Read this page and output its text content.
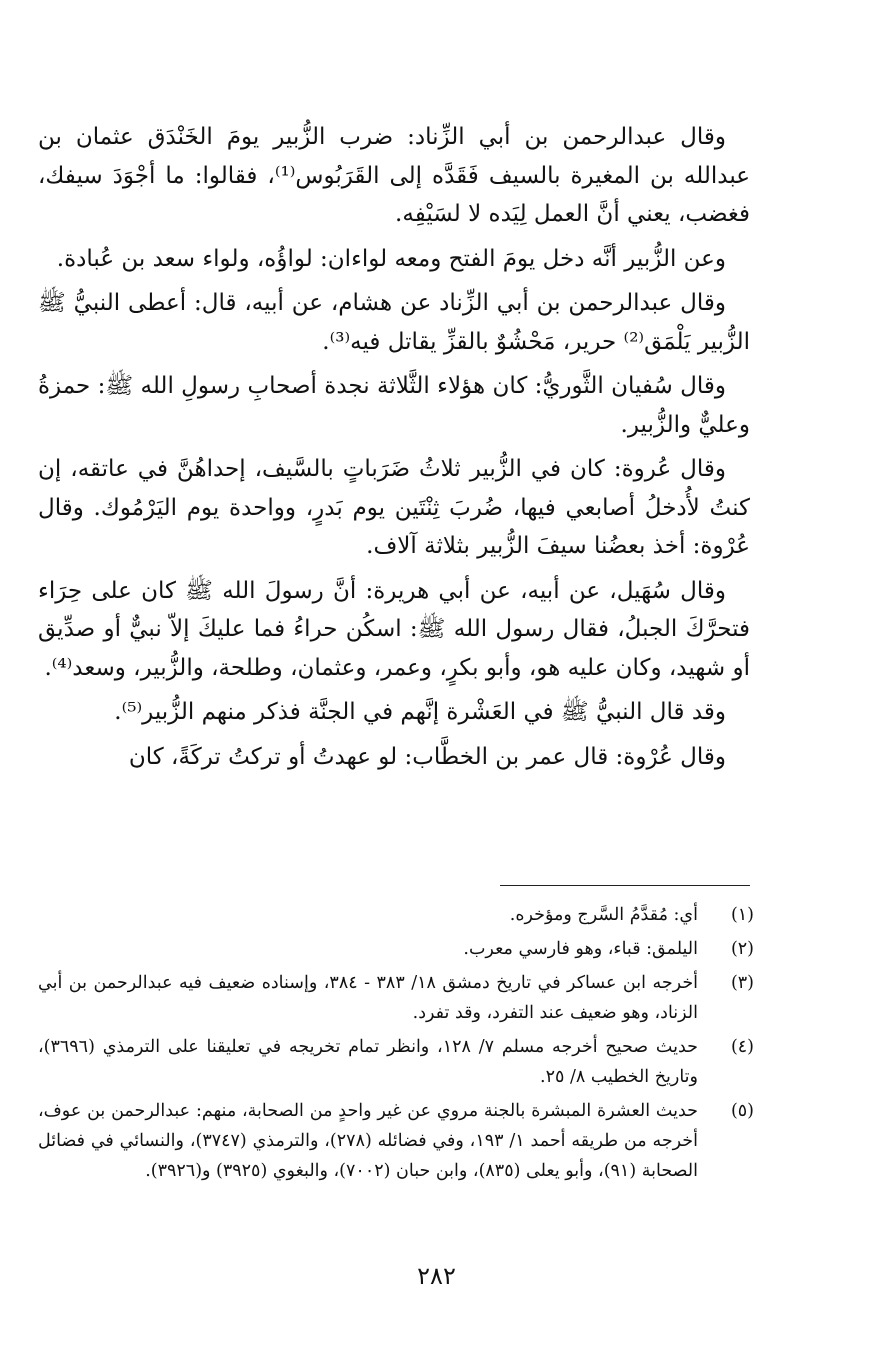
وقال عبدالرحمن بن أبي الزِّناد: ضرب الزُّبير يومَ الخَنْدَق عثمان بن عبدالله بن المغيرة بالسيف فَقَدَّه إلى القَرَبُوس⁽¹⁾، فقالوا: ما أجْوَدَ سيفك، فغضب، يعني أنَّ العمل لِيَده لا لسَيْفِه.

وعن الزُّبير أنَّه دخل يومَ الفتح ومعه لواءان: لواؤُه، ولواء سعد بن عُبادة.

وقال عبدالرحمن بن أبي الزِّناد عن هشام، عن أبيه، قال: أعطى النبيُّ ﷺ الزُّبير يَلْمَق⁽²⁾ حرير، مَحْشُوٌ بالقزِّ يقاتل فيه⁽³⁾.

وقال سُفيان الثَّوريُّ: كان هؤلاء الثَّلاثة نجدة أصحابِ رسولِ الله ﷺ: حمزةُ وعليٌّ والزُّبير.

وقال عُروة: كان في الزُّبير ثلاثُ ضَرَباتٍ بالسَّيف، إحداهُنَّ في عاتقه، إن كنتُ لأُدخلُ أصابعي فيها، ضُربَ ثِنْتَين يوم بَدرٍ، وواحدة يوم اليَرْمُوك. وقال عُرْوة: أخذ بعضُنا سيفَ الزُّبير بثلاثة آلاف.

وقال سُهَيل، عن أبيه، عن أبي هريرة: أنَّ رسولَ الله ﷺ كان على حِرَاء فتحرَّكَ الجبلُ، فقال رسول الله ﷺ: اسكُن حراءُ فما عليكَ إلاّ نبيٌّ أو صدِّيق أو شهيد، وكان عليه هو، وأبو بكرٍ، وعمر، وعثمان، وطلحة، والزُّبير، وسعد⁽⁴⁾.

وقد قال النبيُّ ﷺ في العَشْرة إنَّهم في الجنَّة فذكر منهم الزُّبير⁽⁵⁾.

وقال عُرْوة: قال عمر بن الخطَّاب: لو عهدتُ أو تركتُ تركَةً، كان

(١)
أي: مُقدَّمُ السَّرج ومؤخره.
(٢)
اليلمق: قباء، وهو فارسي معرب.
(٣)
أخرجه ابن عساكر في تاريخ دمشق ١٨/ ٣٨٣ - ٣٨٤، وإسناده ضعيف فيه عبدالرحمن بن أبي الزناد، وهو ضعيف عند التفرد، وقد تفرد.
(٤)
حديث صحيح أخرجه مسلم ٧/ ١٢٨، وانظر تمام تخريجه في تعليقنا على الترمذي (٣٦٩٦)، وتاريخ الخطيب ٨/ ٢٥.
(٥)
حديث العشرة المبشرة بالجنة مروي عن غير واحدٍ من الصحابة، منهم: عبدالرحمن بن عوف، أخرجه من طريقه أحمد ١/ ١٩٣، وفي فضائله (٢٧٨)، والترمذي (٣٧٤٧)، والنسائي في فضائل الصحابة (٩١)، وأبو يعلى (٨٣٥)، وابن حبان (٧٠٠٢)، والبغوي (٣٩٢٥) و(٣٩٢٦).
٢٨٢
